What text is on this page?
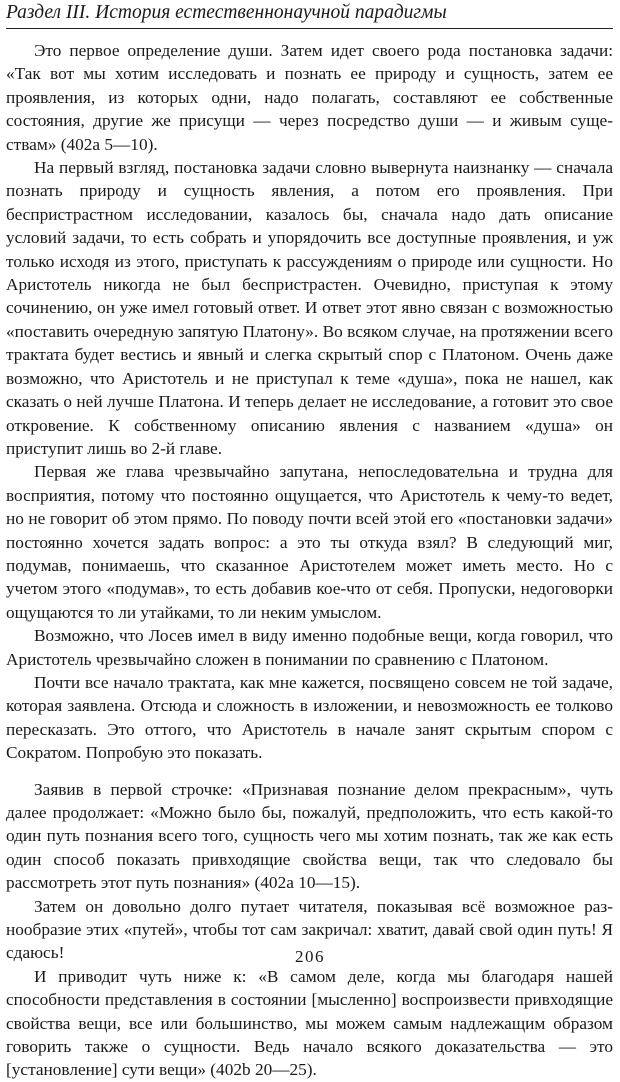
Раздел III. История естественнонаучной парадигмы

Это первое определение души. Затем идет своего рода постановка задачи: «Так вот мы хотим исследовать и познать ее природу и сущность, затем ее проявления, из которых одни, надо полагать, составляют ее собственные состояния, другие же присущи — через посредство души — и живым существам» (402а 5—10).

На первый взгляд, постановка задачи словно вывернута наизнанку — сначала познать природу и сущность явления, а потом его проявления. При беспристрастном исследовании, казалось бы, сначала надо дать описание условий задачи, то есть собрать и упорядочить все доступные проявления, и уж только исходя из этого, приступать к рассуждениям о природе или сущности. Но Аристотель никогда не был беспристрастен. Очевидно, приступая к этому сочинению, он уже имел готовый ответ. И ответ этот явно связан с возможностью «поставить очередную запятую Платону». Во всяком случае, на протяжении всего трактата будет вестись и явный и слегка скрытый спор с Платоном. Очень даже возможно, что Аристотель и не приступал к теме «душа», пока не нашел, как сказать о ней лучше Платона. И теперь делает не исследование, а готовит это свое откровение. К собственному описанию явления с названием «душа» он приступит лишь во 2-й главе.

Первая же глава чрезвычайно запутана, непоследовательна и трудна для восприятия, потому что постоянно ощущается, что Аристотель к чему-то ведет, но не говорит об этом прямо. По поводу почти всей этой его «постановки задачи» постоянно хочется задать вопрос: а это ты откуда взял? В следующий миг, подумав, понимаешь, что сказанное Аристотелем может иметь место. Но с учетом этого «подумав», то есть добавив кое-что от себя. Пропуски, недоговорки ощущаются то ли утайками, то ли неким умыслом.

Возможно, что Лосев имел в виду именно подобные вещи, когда говорил, что Аристотель чрезвычайно сложен в понимании по сравнению с Платоном.

Почти все начало трактата, как мне кажется, посвящено совсем не той задаче, которая заявлена. Отсюда и сложность в изложении, и невозможность ее толково пересказать. Это оттого, что Аристотель в начале занят скрытым спором с Сократом. Попробую это показать.

Заявив в первой строчке: «Признавая познание делом прекрасным», чуть далее продолжает: «Можно было бы, пожалуй, предположить, что есть какой-то один путь познания всего того, сущность чего мы хотим познать, так же как есть один способ показать привходящие свойства вещи, так что следовало бы рассмотреть этот путь познания» (402а 10—15).

Затем он довольно долго путает читателя, показывая всё возможное разнообразие этих «путей», чтобы тот сам закричал: хватит, давай свой один путь! Я сдаюсь!

И приводит чуть ниже к: «В самом деле, когда мы благодаря нашей способности представления в состоянии [мысленно] воспроизвести привходящие свойства вещи, все или большинство, мы можем самым надлежащим образом говорить также о сущности. Ведь начало всякого доказательства — это [установление] сути вещи» (402b 20—25).

206
